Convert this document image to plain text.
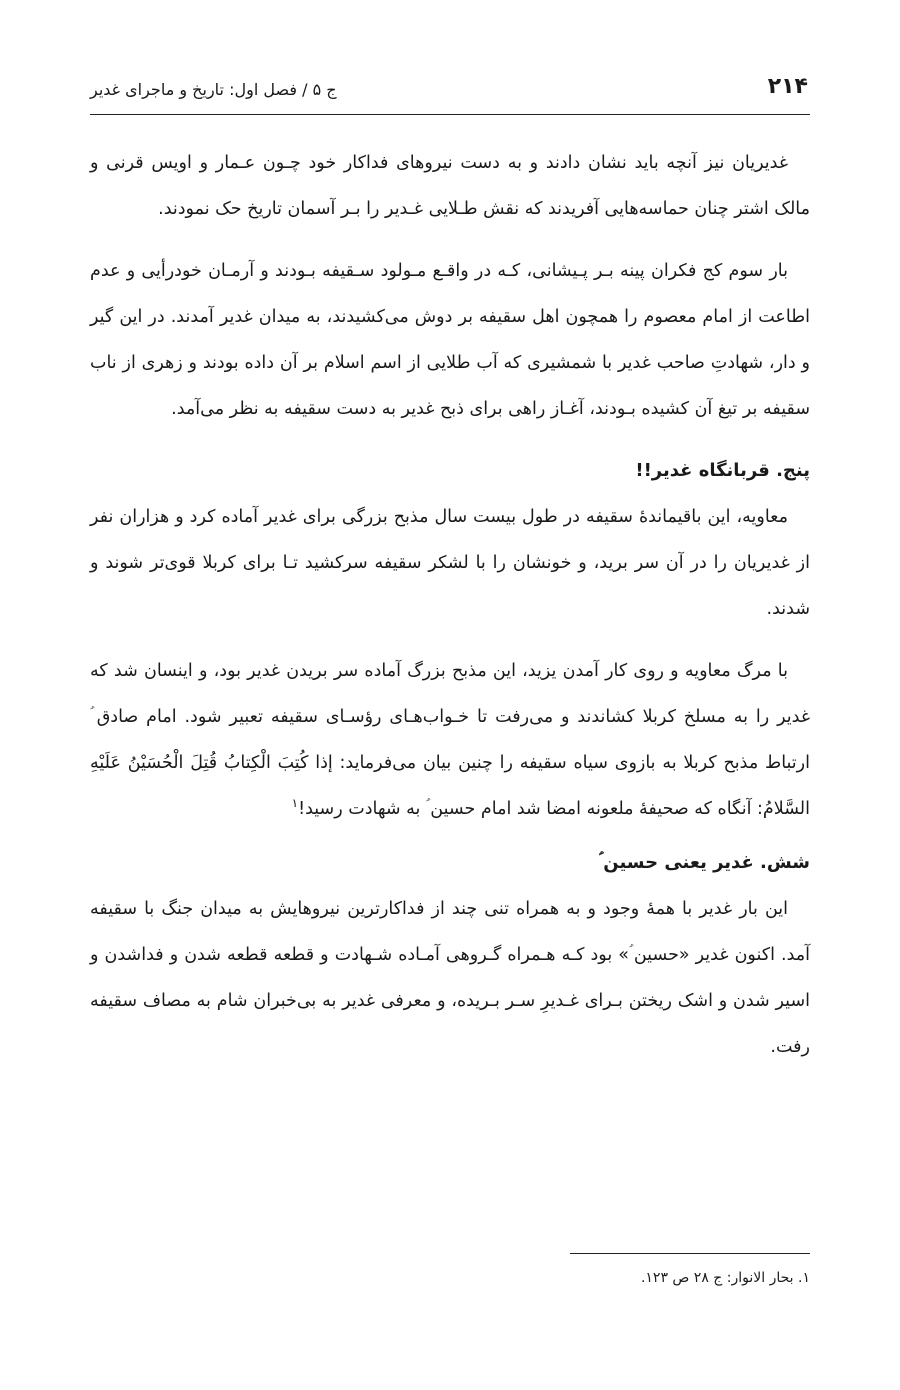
۲۱۴
ج ۵ / فصل اول: تاریخ و ماجرای غدیر

غدیریان نیز آنچه باید نشان دادند و به دست نیروهای فداکار خود چـون عـمار و اویس قرنی و مالک اشتر چنان حماسه‌هایی آفریدند که نقش طـلایی غـدیر را بـر آسمان تاریخ حک نمودند.

بار سوم کج فکران پینه بـر پـیشانی، کـه در واقـع مـولود سـقیفه بـودند و آرمـان خودرأیی و عدم اطاعت از امام معصوم را همچون اهل سقیفه بر دوش می‌کشیدند، به میدان غدیر آمدند. در این گیر و دار، شهادتِ صاحب غدیر با شمشیری که آب طلایی از اسم اسلام بر آن داده بودند و زهری از ناب سقیفه بر تیغ آن کشیده بـودند، آغـاز راهی برای ذبح غدیر به دست سقیفه به نظر می‌آمد.

پنج. قربانگاه غدیر!!

معاویه، این باقیماندۀ سقیفه در طول بیست سال مذبح بزرگی برای غدیر آماده کرد و هزاران نفر از غدیریان را در آن سر برید، و خونشان را با لشکر سقیفه سرکشید تـا برای کربلا قوی‌تر شوند و شدند.

با مرگ معاویه و روی کار آمدن یزید، این مذبح بزرگ آماده سر بریدن غدیر بود، و اینسان شد که غدیر را به مسلخ کربلا کشاندند و می‌رفت تا خـواب‌هـای رؤسـای سقیفه تعبیر شود. امام صادق ؑ ارتباط مذبح کربلا به بازوی سیاه سقیفه را چنین بیان می‌فرماید: إذا کُتِبَ الْکِتابُ قُتِلَ الْحُسَیْنُ عَلَیْهِ السَّلامُ: آنگاه که صحیفۀ ملعونه امضا شد امام حسین ؑ به شهادت رسید!$^۱$

شش. غدیر یعنی حسین ؑ

این بار غدیر با همۀ وجود و به همراه تنی چند از فداکارترین نیروهایش به میدان جنگ با سقیفه آمد. اکنون غدیر «حسین ؑ» بود کـه هـمراه گـروهی آمـاده شـهادت و قطعه قطعه شدن و فداشدن و اسیر شدن و اشک ریختن بـرای غـدیرِ سـر بـریده، و معرفی غدیر به بی‌خبران شام به مصاف سقیفه رفت.

۱. بحار الانوار: ج ۲۸ ص ۱۲۳.
